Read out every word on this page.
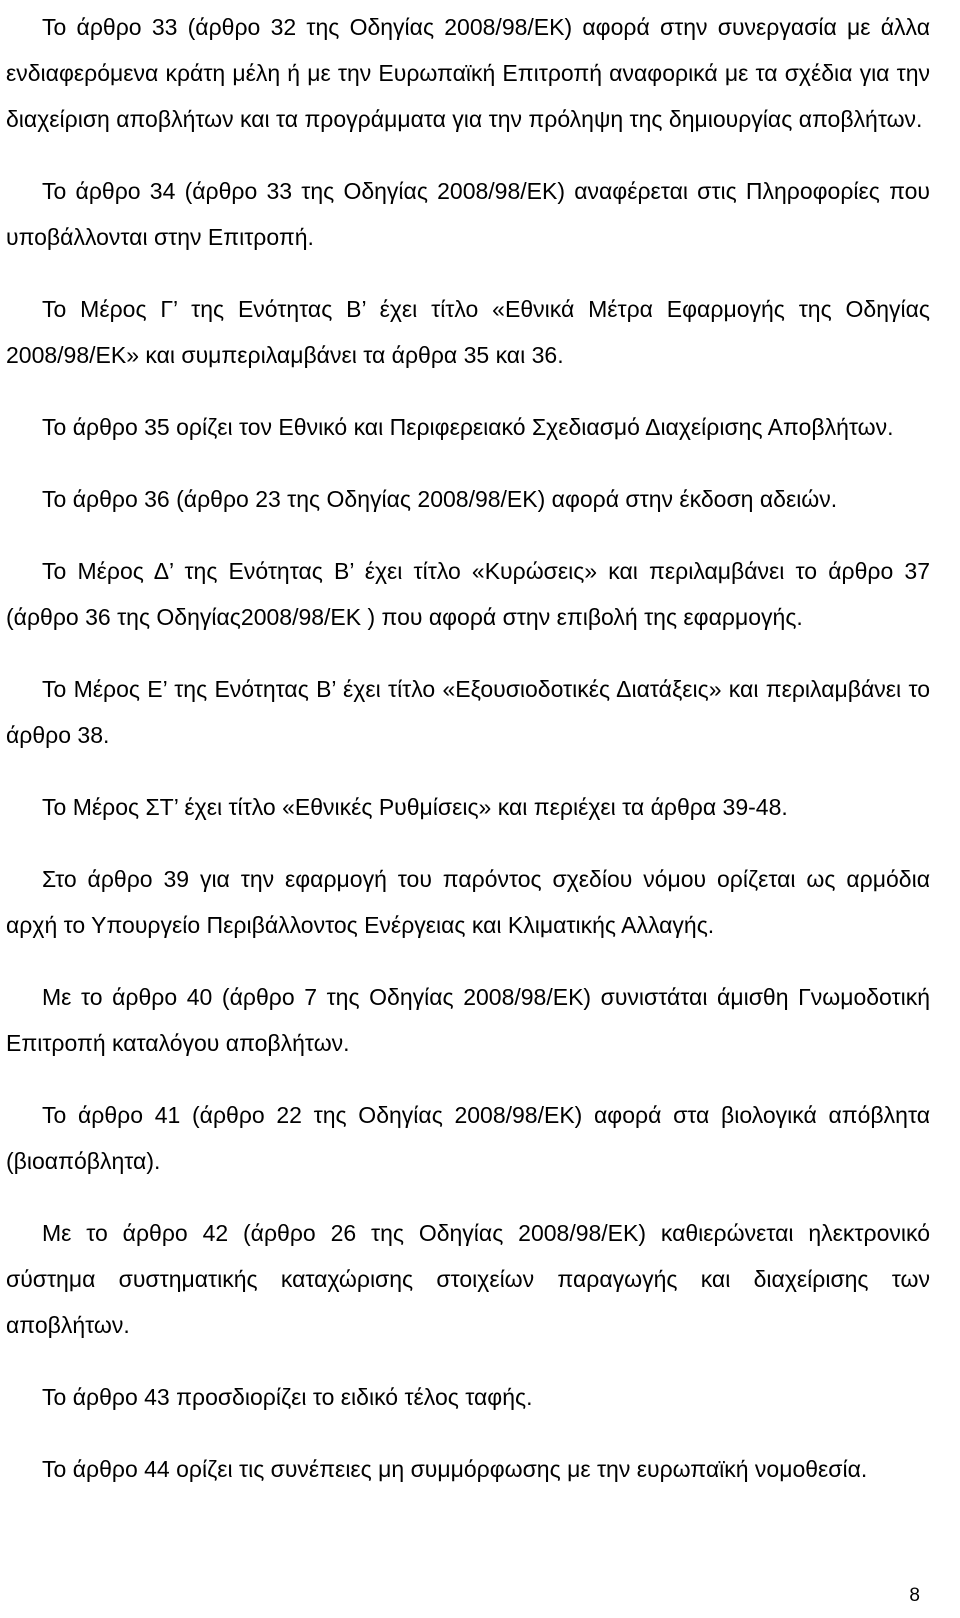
Το άρθρο 33 (άρθρο 32 της Οδηγίας 2008/98/ΕΚ) αφορά στην συνεργασία με άλλα ενδιαφερόμενα κράτη μέλη ή με την Ευρωπαϊκή Επιτροπή αναφορικά με τα σχέδια για την διαχείριση αποβλήτων και τα προγράμματα για την πρόληψη της δημιουργίας αποβλήτων.

Το άρθρο 34 (άρθρο 33 της Οδηγίας 2008/98/ΕΚ) αναφέρεται στις Πληροφορίες που υποβάλλονται στην Επιτροπή.

Το Μέρος Γ’ της Ενότητας Β’ έχει τίτλο «Εθνικά Μέτρα Εφαρμογής της Οδηγίας 2008/98/ΕΚ» και συμπεριλαμβάνει τα άρθρα 35 και 36.

Το άρθρο 35 ορίζει τον Εθνικό και Περιφερειακό Σχεδιασμό Διαχείρισης Αποβλήτων.

Το άρθρο 36 (άρθρο 23 της Οδηγίας 2008/98/ΕΚ) αφορά στην έκδοση αδειών.

Το Μέρος Δ’ της Ενότητας Β’ έχει τίτλο «Κυρώσεις» και περιλαμβάνει το άρθρο 37 (άρθρο 36 της Οδηγίας2008/98/ΕΚ ) που αφορά στην επιβολή της εφαρμογής.

Το Μέρος Ε’ της Ενότητας Β’ έχει τίτλο «Εξουσιοδοτικές Διατάξεις» και περιλαμβάνει το άρθρο 38.

Το Μέρος ΣΤ’ έχει τίτλο «Εθνικές Ρυθμίσεις» και περιέχει τα άρθρα 39-48.

Στο άρθρο 39 για την εφαρμογή του παρόντος σχεδίου νόμου ορίζεται ως αρμόδια αρχή το Υπουργείο Περιβάλλοντος Ενέργειας και Κλιματικής Αλλαγής.

Με το άρθρο 40 (άρθρο 7 της Οδηγίας 2008/98/ΕΚ) συνιστάται άμισθη Γνωμοδοτική Επιτροπή καταλόγου αποβλήτων.

Το άρθρο 41 (άρθρο 22 της Οδηγίας 2008/98/ΕΚ) αφορά στα βιολογικά απόβλητα (βιοαπόβλητα).

Με το άρθρο 42 (άρθρο 26 της Οδηγίας 2008/98/ΕΚ) καθιερώνεται ηλεκτρονικό σύστημα συστηματικής καταχώρισης στοιχείων παραγωγής και διαχείρισης των αποβλήτων.

Το άρθρο 43 προσδιορίζει το ειδικό τέλος ταφής.

Το άρθρο 44 ορίζει τις συνέπειες μη συμμόρφωσης με την ευρωπαϊκή νομοθεσία.

8
